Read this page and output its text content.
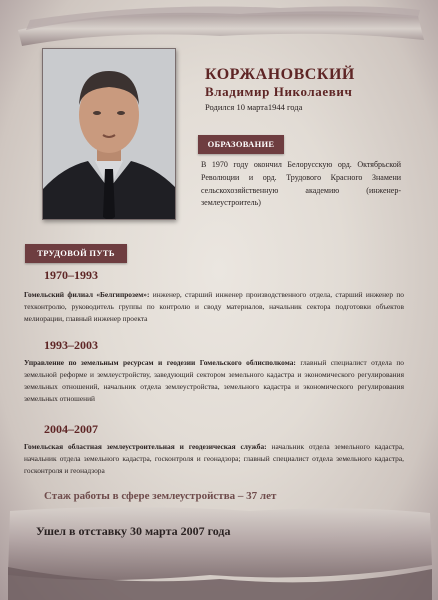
КОРЖАНОВСКИЙ
Владимир Николаевич
Родился 10 марта1944 года
ОБРАЗОВАНИЕ
В 1970 году окончил Белорусскую орд. Октябрьской Революции и орд. Трудового Красного Знамени сельскохозяйственную академию (инженер-землеустроитель)
ТРУДОВОЙ ПУТЬ
1970–1993
Гомельский филиал «Белгипрозем»: инженер, старший инженер производственного отдела, старший инженер по техконтролю, руководитель группы по контролю и своду материалов, начальник сектора подготовки объектов мелиорации, главный инженер проекта
1993–2003
Управление по земельным ресурсам и геодезии Гомельского облисполкома: главный специалист отдела по земельной реформе и землеустройству, заведующий сектором земельного кадастра и экономического регулирования земельных отношений, начальник отдела землеустройства, земельного кадастра и экономического регулирования земельных отношений
2004–2007
Гомельская областная землеустроительная и геодезическая служба: начальник отдела земельного кадастра, начальник отдела земельного кадастра, госконтроля и геонадзора; главный специалист отдела земельного кадастра, госконтроля и геонадзора
Стаж работы в сфере землеустройства – 37 лет
Ушел в отставку 30 марта 2007 года
